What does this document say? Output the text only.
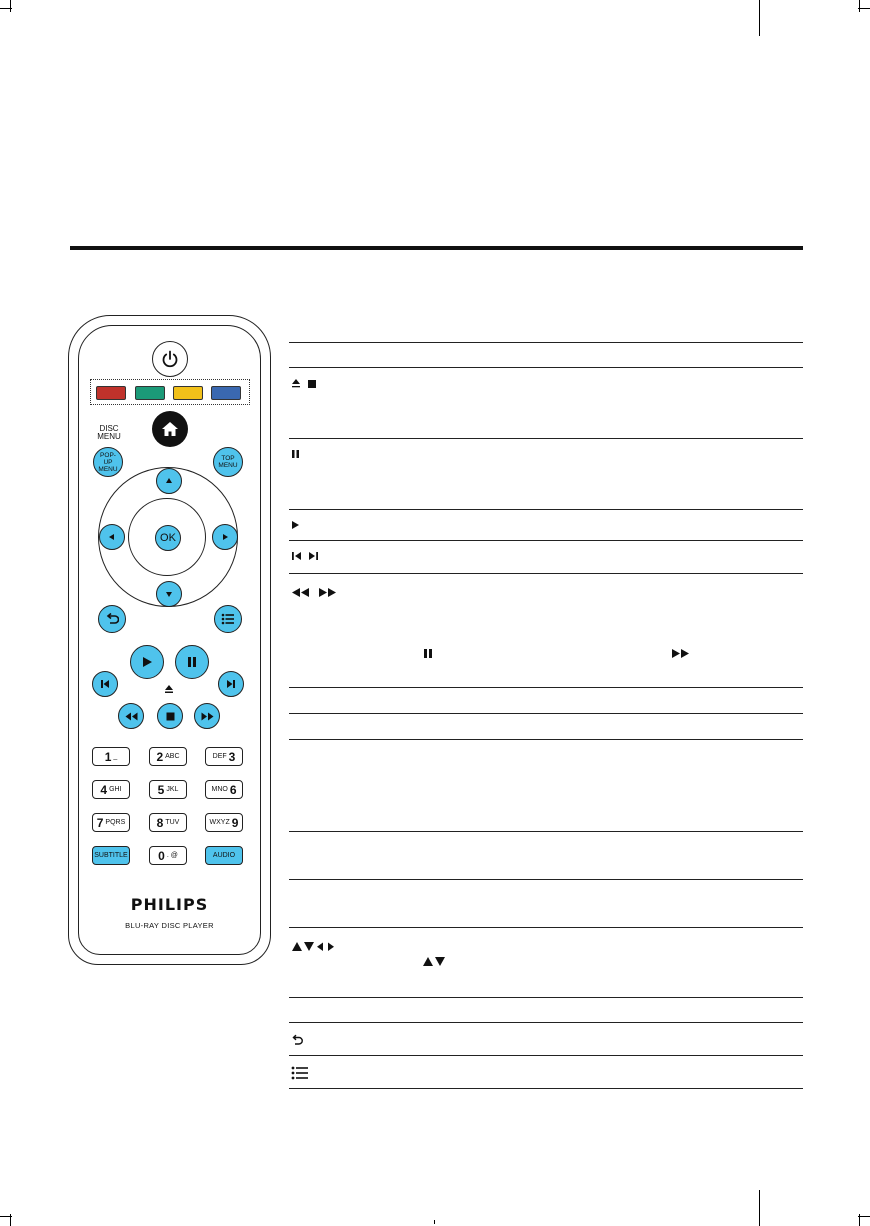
DISC MENU
POP-UP MENU
TOP MENU
OK
1 _	2 ABC	DEF 3
4 GHI	5 JKL	MNO 6
7 PQRS	8 TUV	WXYZ 9
SUBTITLE	0 . @	AUDIO
PHILIPS
BLU-RAY DISC PLAYER
